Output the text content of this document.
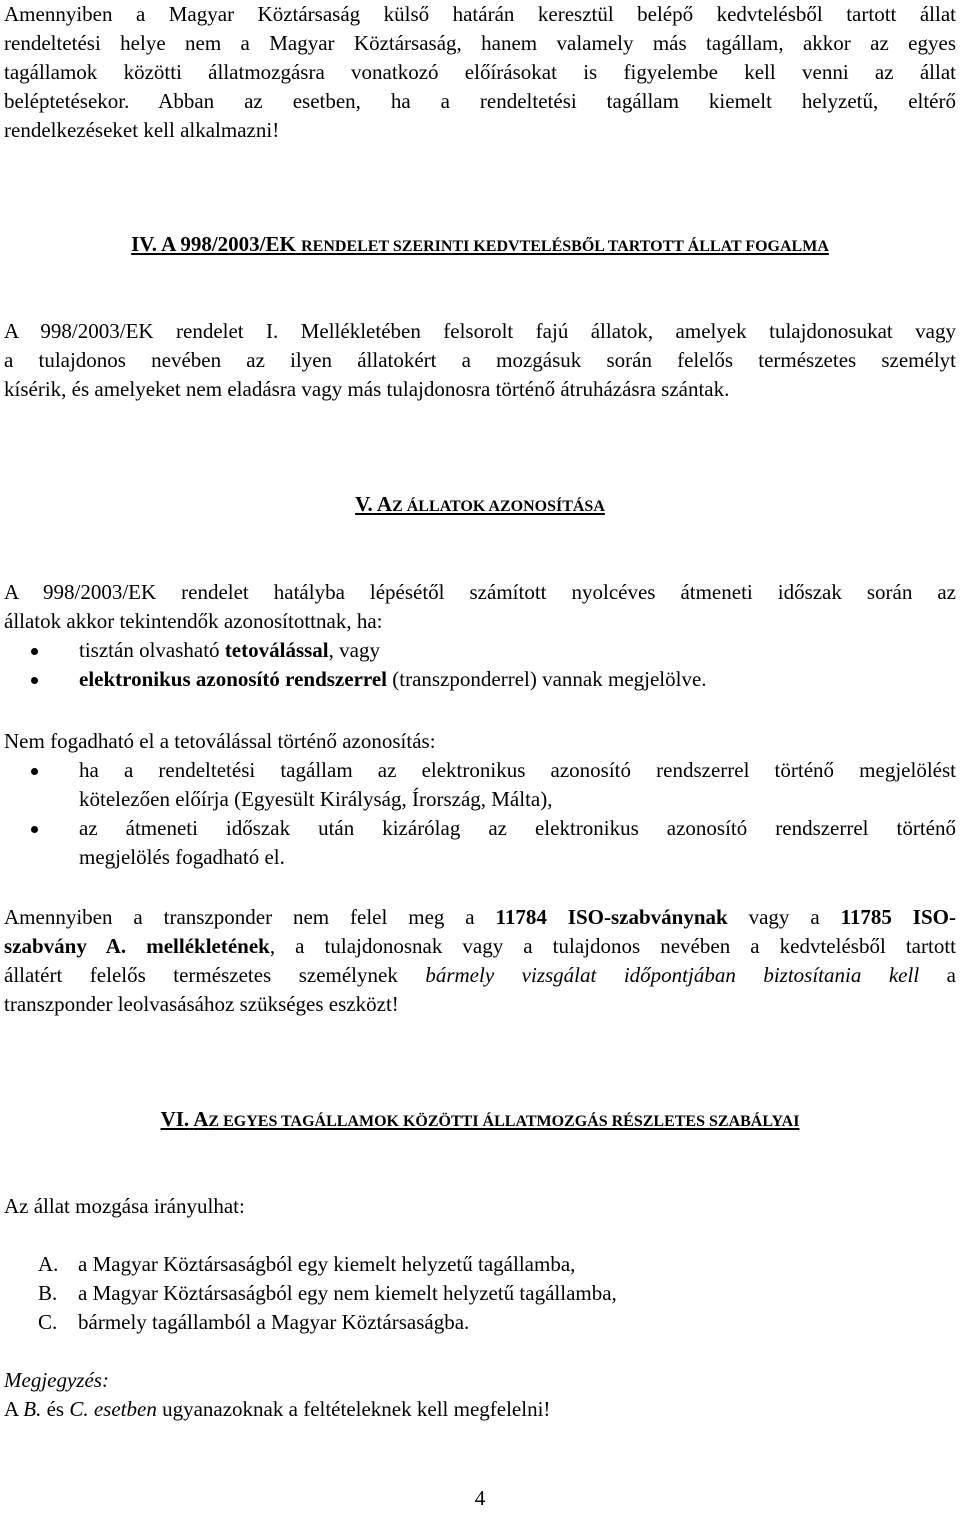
Amennyiben a Magyar Köztársaság külső határán keresztül belépő kedvtelésből tartott állat

rendeltetési helye nem a Magyar Köztársaság, hanem valamely más tagállam, akkor az egyes

tagállamok közötti állatmozgásra vonatkozó előírásokat is figyelembe kell venni az állat

beléptetésekor. Abban az esetben, ha a rendeltetési tagállam kiemelt helyzetű, eltérő

rendelkezéseket kell alkalmazni!

IV. A 998/2003/EK RENDELET SZERINTI KEDVTELÉSBŐL TARTOTT ÁLLAT FOGALMA

A 998/2003/EK rendelet I. Mellékletében felsorolt fajú állatok, amelyek tulajdonosukat vagy

a tulajdonos nevében az ilyen állatokért a mozgásuk során felelős természetes személyt

kísérik, és amelyeket nem eladásra vagy más tulajdonosra történő átruházásra szántak.

V. AZ ÁLLATOK AZONOSÍTÁSA

A 998/2003/EK rendelet hatályba lépésétől számított nyolcéves átmeneti időszak során az

állatok akkor tekintendők azonosítottnak, ha:

tisztán olvasható tetoválással, vagy
elektronikus azonosító rendszerrel (transzponderrel) vannak megjelölve.

Nem fogadható el a tetoválással történő azonosítás:

ha a rendeltetési tagállam az elektronikus azonosító rendszerrel történő megjelölést
kötelezően előírja (Egyesült Királyság, Írország, Málta),
az átmeneti időszak után kizárólag az elektronikus azonosító rendszerrel történő
megjelölés fogadható el.

Amennyiben a transzponder nem felel meg a 11784 ISO-szabványnak vagy a 11785 ISO-

szabvány A. mellékletének, a tulajdonosnak vagy a tulajdonos nevében a kedvtelésből tartott

állatért felelős természetes személynek bármely vizsgálat időpontjában biztosítania kell a

transzponder leolvasásához szükséges eszközt!

VI. AZ EGYES TAGÁLLAMOK KÖZÖTTI ÁLLATMOZGÁS RÉSZLETES SZABÁLYAI

Az állat mozgása irányulhat:

A. a Magyar Köztársaságból egy kiemelt helyzetű tagállamba,
B. a Magyar Köztársaságból egy nem kiemelt helyzetű tagállamba,
C. bármely tagállamból a Magyar Köztársaságba.

Megjegyzés:

A B. és C. esetben ugyanazoknak a feltételeknek kell megfelelni!

4
